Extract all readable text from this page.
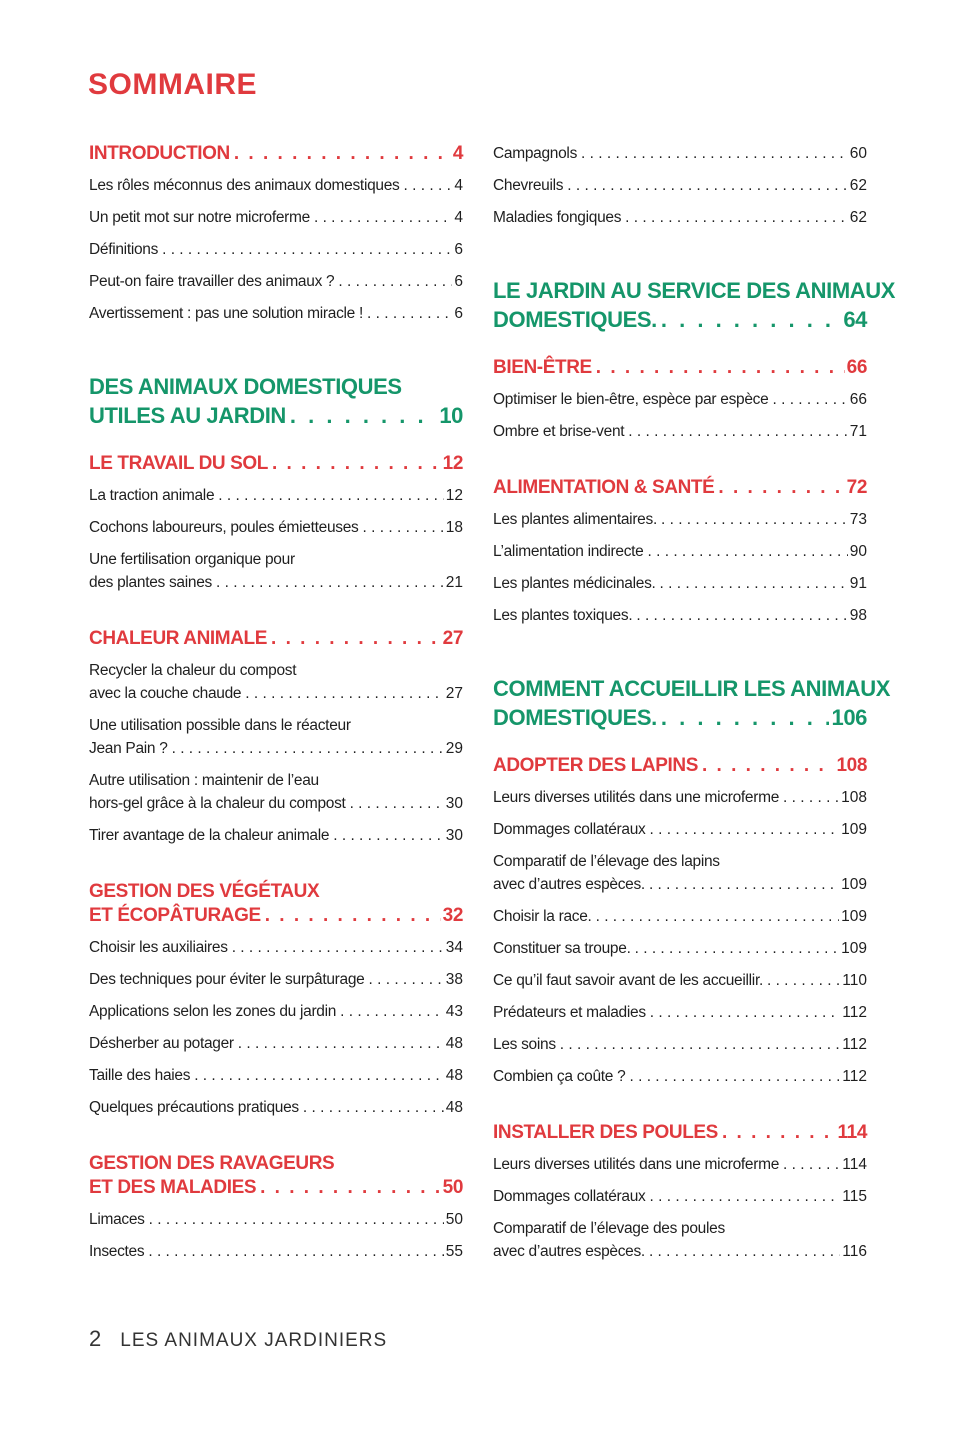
SOMMAIRE
INTRODUCTION . . .	4
Les rôles méconnus des animaux domestiques . . .	4
Un petit mot sur notre microferme . . .	4
Définitions . . .	6
Peut-on faire travailler des animaux ? . . .	6
Avertissement : pas une solution miracle ! . . .	6
DES ANIMAUX DOMESTIQUES
UTILES AU JARDIN . . .	10
LE TRAVAIL DU SOL . . .	12
La traction animale . . .	12
Cochons laboureurs, poules émietteuses . . .	18
Une fertilisation organique pour
des plantes saines . . .	21
CHALEUR ANIMALE . . .	27
Recycler la chaleur du compost
avec la couche chaude . . .	27
Une utilisation possible dans le réacteur
Jean Pain ? . . .	29
Autre utilisation : maintenir de l’eau
hors-gel grâce à la chaleur du compost . . .	30
Tirer avantage de la chaleur animale . . .	30
GESTION DES VÉGÉTAUX
ET ÉCOPÂTURAGE . . .	32
Choisir les auxiliaires . . .	34
Des techniques pour éviter le surpâturage . . .	38
Applications selon les zones du jardin . . .	43
Désherber au potager . . .	48
Taille des haies . . .	48
Quelques précautions pratiques . . .	48
GESTION DES RAVAGEURS
ET DES MALADIES . . .	50
Limaces . . .	50
Insectes . . .	55
Campagnols . . .	60
Chevreuils . . .	62
Maladies fongiques . . .	62
LE JARDIN AU SERVICE DES ANIMAUX
DOMESTIQUES. . . .	64
BIEN-ÊTRE . . .	66
Optimiser le bien-être, espèce par espèce . . .	66
Ombre et brise-vent . . .	71
ALIMENTATION & SANTÉ . . .	72
Les plantes alimentaires. . . .	73
L’alimentation indirecte . . .	90
Les plantes médicinales. . . .	91
Les plantes toxiques. . . .	98
COMMENT ACCUEILLIR LES ANIMAUX
DOMESTIQUES. . . .	106
ADOPTER DES LAPINS . . .	108
Leurs diverses utilités dans une microferme . . .	108
Dommages collatéraux . . .	109
Comparatif de l’élevage des lapins
avec d’autres espèces. . . .	109
Choisir la race. . . .	109
Constituer sa troupe. . . .	109
Ce qu’il faut savoir avant de les accueillir. . . .	110
Prédateurs et maladies . . .	112
Les soins . . .	112
Combien ça coûte ? . . .	112
INSTALLER DES POULES . . .	114
Leurs diverses utilités dans une microferme . . .	114
Dommages collatéraux . . .	115
Comparatif de l’élevage des poules
avec d’autres espèces. . . .	116
2 LES ANIMAUX JARDINIERS
